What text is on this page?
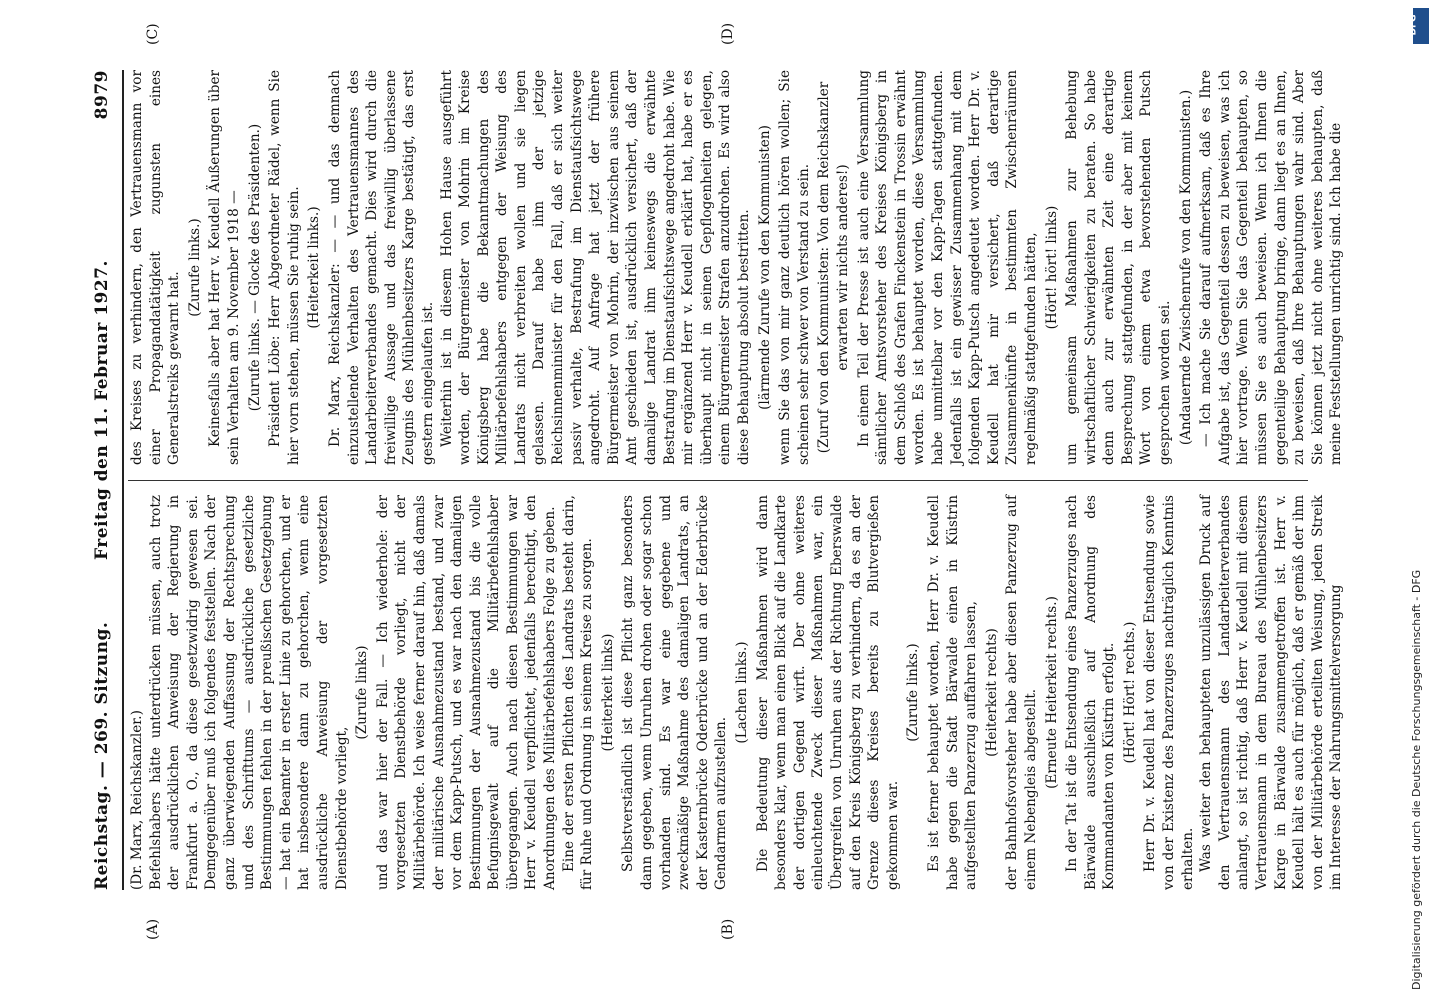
Reichstag. — 269. Sitzung.
Freitag den 11. Februar 1927.
8979
(A)	(B)
(C)	(D)

(Dr. Marx, Reichskanzler.) Befehlshabers hätte unterdrücken müssen, auch trotz der ausdrücklichen Anweisung der Regierung in Frankfurt a. O., da diese gesetzwidrig gewesen sei. Demgegenüber muß ich folgendes feststellen. Nach der ganz überwiegenden Auffassung der Rechtsprechung und des Schrifttums — ausdrückliche gesetzliche Bestimmungen fehlen in der preußischen Gesetzgebung — hat ein Beamter in erster Linie zu gehorchen, und er hat insbesondere dann zu gehorchen, wenn eine ausdrückliche Anweisung der vorgesetzten Dienstbehörde vorliegt,

(Zurufe links) und das war hier der Fall. — Ich wiederhole: der vorgesetzten Dienstbehörde vorliegt, nicht der Militärbehörde. Ich weise ferner darauf hin, daß damals der militärische Ausnahmezustand bestand, und zwar vor dem Kapp-Putsch, und es war nach den damaligen Bestimmungen der Ausnahmezustand bis die volle Befugnisgewalt auf die Militärbefehlshaber übergegangen. Auch nach diesen Bestimmungen war Herr v. Keudell verpflichtet, jedenfalls berechtigt, den Anordnungen des Militärbefehlshabers Folge zu geben. Eine der ersten Pflichten des Landrats besteht darin, für Ruhe und Ordnung in seinem Kreise zu sorgen. (Heiterkeit links) Selbstverständlich ist diese Pflicht ganz besonders dann gegeben, wenn Unruhen drohen oder sogar schon vorhanden sind. Es war eine gegebene und zweckmäßige Maßnahme des damaligen Landrats, an der Kasternbrücke Oderbrücke und an der Ederbrücke Gendarmen aufzustellen.

(Lachen links.) Die Bedeutung dieser Maßnahmen wird dann besonders klar, wenn man einen Blick auf die Landkarte der dortigen Gegend wirft. Der ohne weiteres einleuchtende Zweck dieser Maßnahmen war, ein Übergreifen von Unruhen aus der Richtung Eberswalde auf den Kreis Königsberg zu verhindern, da es an der Grenze dieses Kreises bereits zu Blutvergießen gekommen war.

(Zurufe links.) Es ist ferner behauptet worden, Herr Dr. v. Keudell habe gegen die Stadt Bärwalde einen in Küstrin aufgestellten Panzerzug auffahren lassen, (Heiterkeit rechts) der Bahnhofsvorsteher habe aber diesen Panzerzug auf einem Nebengleis abgestellt. (Erneute Heiterkeit rechts.) In der Tat ist die Entsendung eines Panzerzuges nach Bärwalde ausschließlich auf Anordnung des Kommandanten von Küstrin erfolgt. (Hört! Hört! rechts.) Herr Dr. v. Keudell hat von dieser Entsendung sowie von der Existenz des Panzerzuges nachträglich Kenntnis erhalten. Was weiter den behaupteten unzulässigen Druck auf den Vertrauensmann des Landarbeiterverbandes anlangt, so ist richtig, daß Herr v. Keudell mit diesem Vertrauensmann in dem Bureau des Mühlenbesitzers Karge in Bärwalde zusammengetroffen ist. Herr v. Keudell hält es auch für möglich, daß er gemäß der ihm von der Militärbehörde erteilten Weisung, jeden Streik im Interesse der Nahrungsmittelversorgung

des Kreises zu verhindern, den Vertrauensmann vor einer Propagandatätigkeit zugunsten eines Generalstreiks gewarnt hat.

(Zurufe links.) Keinesfalls aber hat Herr v. Keudell Äußerungen über sein Verhalten am 9. November 1918 — (Zurufe links. — Glocke des Präsidenten.) Präsident Löbe: Herr Abgeordneter Rädel, wenn Sie hier vorn stehen, müssen Sie ruhig sein. (Heiterkeit links.) Dr. Marx, Reichskanzler: — — und das demnach einzustellende Verhalten des Vertrauensmannes des Landarbeiterverbandes gemacht. Dies wird durch die freiwillige Aussage und das freiwillig überlassene Zeugnis des Mühlenbesitzers Karge bestätigt, das erst gestern eingelaufen ist. Weiterhin ist in diesem Hohen Hause ausgeführt worden, der Bürgermeister von Mohrin im Kreise Königsberg habe die Bekanntmachungen des Militärbefehlshabers entgegen der Weisung des Landrats nicht verbreiten wollen und sie liegen gelassen. Darauf habe ihm der jetzige Reichsinnenminister für den Fall, daß er sich weiter passiv verhalte, Bestrafung im Dienstaufsichtswege angedroht. Auf Anfrage hat jetzt der frühere Bürgermeister von Mohrin, der inzwischen aus seinem Amt geschieden ist, ausdrücklich versichert, daß der damalige Landrat ihm keineswegs die erwähnte Bestrafung im Dienstaufsichtswege angedroht habe. Wie mir ergänzend Herr v. Keudell erklärt hat, habe er es überhaupt nicht in seinen Gepflogenheiten gelegen, einem Bürgermeister Strafen anzudrohen. Es wird also diese Behauptung absolut bestritten. (lärmende Zurufe von den Kommunisten) wenn Sie das von mir ganz deutlich hören wollen; Sie scheinen sehr schwer von Verstand zu sein. (Zuruf von den Kommunisten: Von dem Reichskanzler erwarten wir nichts anderes!) In einem Teil der Presse ist auch eine Versammlung sämtlicher Amtsvorsteher des Kreises Königsberg in dem Schloß des Grafen Finckenstein in Trossin erwähnt worden. Es ist behauptet worden, diese Versammlung habe unmittelbar vor den Kapp-Tagen stattgefunden. Jedenfalls ist ein gewisser Zusammenhang mit dem folgenden Kapp-Putsch angedeutet worden. Herr Dr. v. Keudell hat mir versichert, daß derartige Zusammenkünfte in bestimmten Zwischenräumen regelmäßig stattgefunden hätten, (Hört! hört! links) um gemeinsam Maßnahmen zur Behebung wirtschaftlicher Schwierigkeiten zu beraten. So habe denn auch zur erwähnten Zeit eine derartige Besprechung stattgefunden, in der aber mit keinem Wort von einem etwa bevorstehenden Putsch gesprochen worden sei. (Andauernde Zwischenrufe von den Kommunisten.) — Ich mache Sie darauf aufmerksam, daß es Ihre Aufgabe ist, das Gegenteil dessen zu beweisen, was ich hier vortrage. Wenn Sie das Gegenteil behaupten, so müssen Sie es auch beweisen. Wenn ich Ihnen die gegenteilige Behauptung bringe, dann liegt es an Ihnen, zu beweisen, daß Ihre Behauptungen wahr sind. Aber Sie können jetzt nicht ohne weiteres behaupten, daß meine Feststellungen unrichtig sind. Ich habe die

Digitalisierung gefördert durch die Deutsche Forschungsgemeinschaft - DFG
DFG
